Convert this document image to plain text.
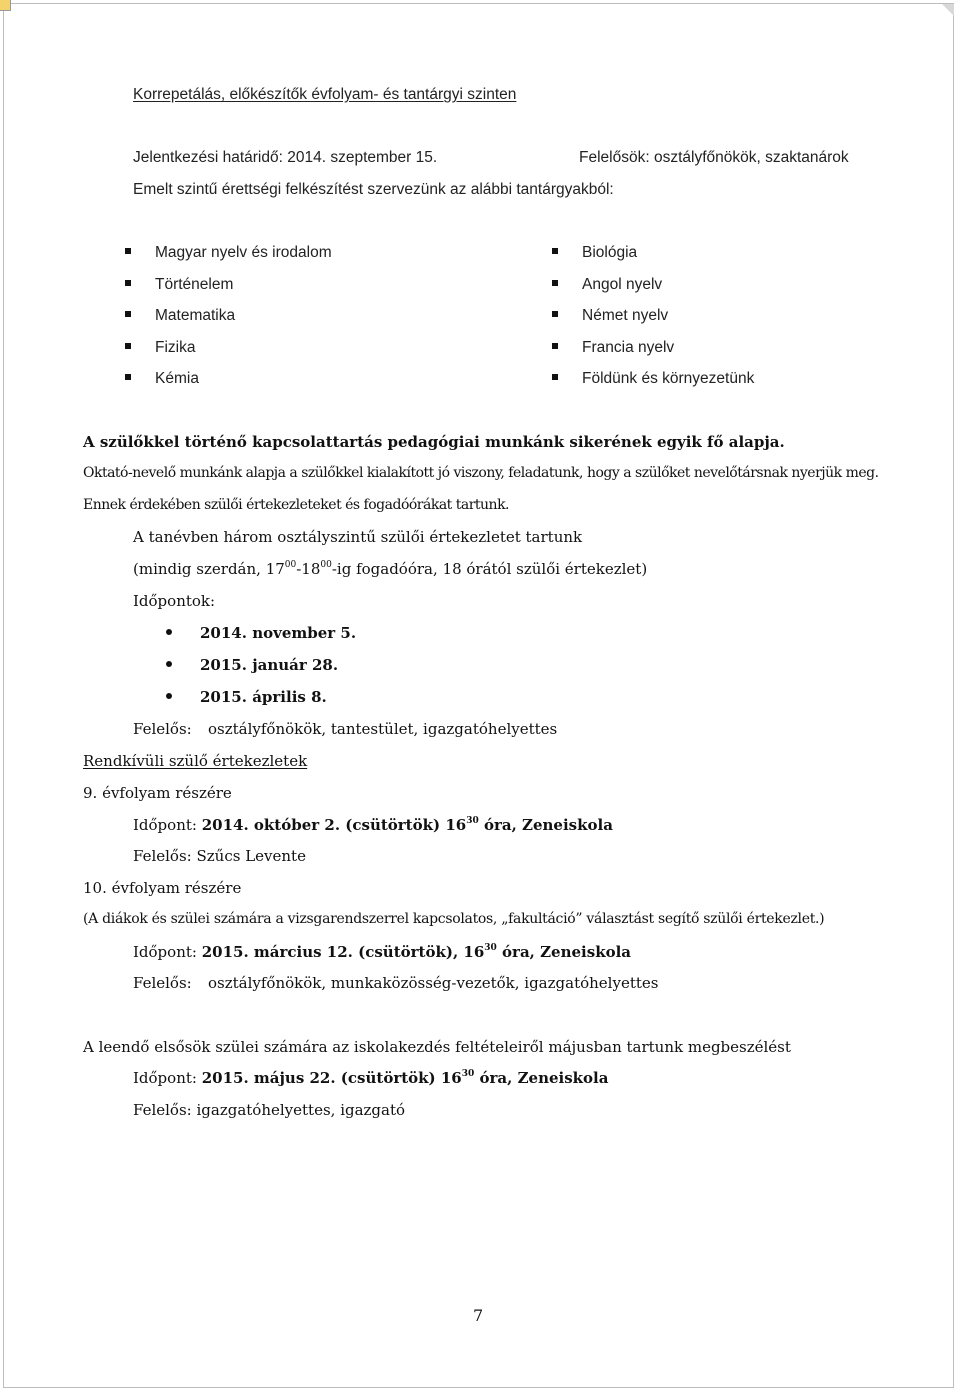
Korrepetálás, előkészítők évfolyam- és tantárgyi szinten
Jelentkezési határidő: 2014. szeptember 15.	Felelősök: osztályfőnökök, szaktanárok
Emelt szintű érettségi felkészítést szervezünk az alábbi tantárgyakból:
Magyar nyelv és irodalom
Történelem
Matematika
Fizika
Kémia
Biológia
Angol nyelv
Német nyelv
Francia nyelv
Földünk és környezetünk
A szülőkkel történő kapcsolattartás pedagógiai munkánk sikerének egyik fő alapja.
Oktató-nevelő munkánk alapja a szülőkkel kialakított jó viszony, feladatunk, hogy a szülőket nevelőtársnak nyerjük meg.
Ennek érdekében szülői értekezleteket és fogadóórákat tartunk.
A tanévben három osztályszintű szülői értekezletet tartunk
(mindig szerdán, $17^{00}-18^{00}-ig$ fogadóóra, 18 órától szülői értekezlet)
Időpontok:
2014. november 5.
2015. január 28.
2015. április 8.
Felelős: osztályfőnökök, tantestület, igazgatóhelyettes
Rendkívüli szülő értekezletek
9. évfolyam részére
Időpont: 2014. október 2. (csütörtök) $16^{30}$ óra, Zeneiskola
Felelős: Szűcs Levente
10. évfolyam részére
(A diákok és szülei számára a vizsgarendszerrel kapcsolatos, „fakultáció” választást segítő szülői értekezlet.)
Időpont: 2015. március 12. (csütörtök), $16^{30}$ óra, Zeneiskola
Felelős: osztályfőnökök, munkaközösség-vezetők, igazgatóhelyettes
A leendő elsősök szülei számára az iskolakezdés feltételeiről májusban tartunk megbeszélést
Időpont: 2015. május 22. (csütörtök) $16^{30}$ óra, Zeneiskola
Felelős: igazgatóhelyettes, igazgató
7
